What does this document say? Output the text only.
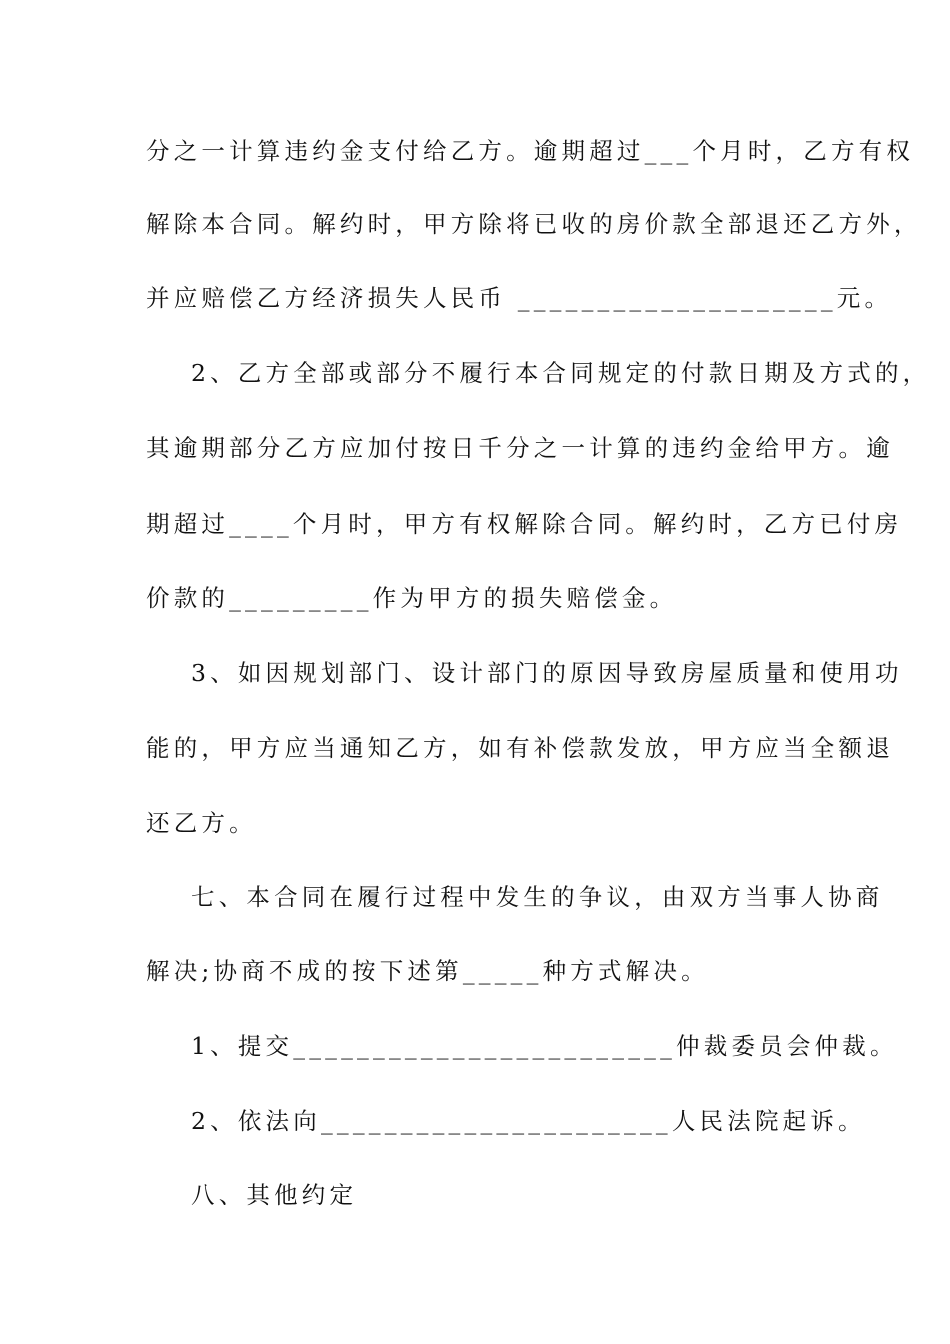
分之一计算违约金支付给乙方。逾期超过___个月时，乙方有权
解除本合同。解约时，甲方除将已收的房价款全部退还乙方外，
并应赔偿乙方经济损失人民币 ____________________元。
2、乙方全部或部分不履行本合同规定的付款日期及方式的，
其逾期部分乙方应加付按日千分之一计算的违约金给甲方。逾
期超过____个月时，甲方有权解除合同。解约时，乙方已付房
价款的_________作为甲方的损失赔偿金。
3、如因规划部门、设计部门的原因导致房屋质量和使用功
能的，甲方应当通知乙方，如有补偿款发放，甲方应当全额退
还乙方。
七、本合同在履行过程中发生的争议，由双方当事人协商
解决;协商不成的按下述第_____种方式解决。
1、提交________________________仲裁委员会仲裁。
2、依法向______________________人民法院起诉。
八、其他约定
